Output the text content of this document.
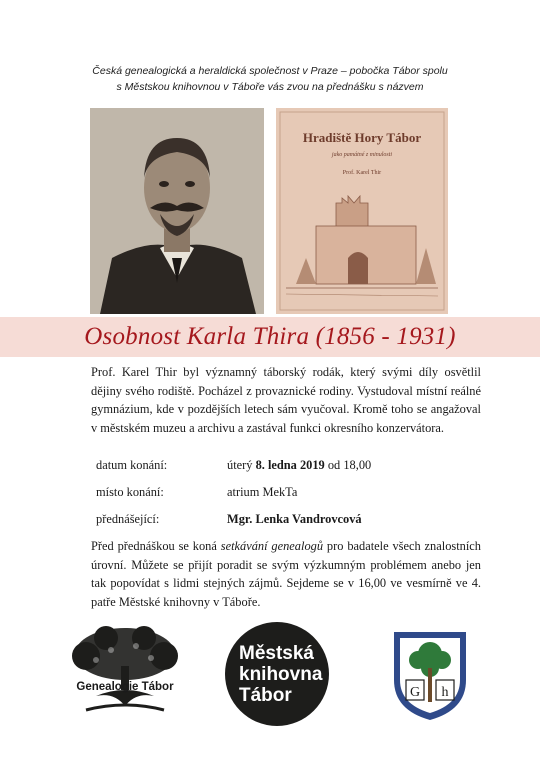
Česká genealogická a heraldická společnost v Praze – pobočka Tábor spolu
s Městskou knihovnou v Táboře vás zvou na přednášku s názvem
Hradiště Hory Tábor
jako památné z minulosti
Prof. Karel Thir
Osobnost Karla Thira (1856 - 1931)
Prof. Karel Thir byl významný táborský rodák, který svými díly osvětlil dějiny svého rodiště. Pocházel z provaznické rodiny. Vystudoval místní reálné gymnázium, kde v pozdějších letech sám vyučoval. Kromě toho se angažoval v městském muzeu a archivu a zastával funkci okresního konzervátora.
datum konání:	úterý 8. ledna 2019 od 18,00
místo konání:	atrium MekTa
přednášející:	Mgr. Lenka Vandrovcová
Před přednáškou se koná setkávání genealogů pro badatele všech znalostních úrovní. Můžete se přijít poradit se svým výzkumným problémem anebo jen tak popovídat s lidmi stejných zájmů. Sejdeme se v 16,00 ve vesmírně ve 4. patře Městské knihovny v Táboře.
Genealogie Tábor
Městská
knihovna
Tábor	G h
